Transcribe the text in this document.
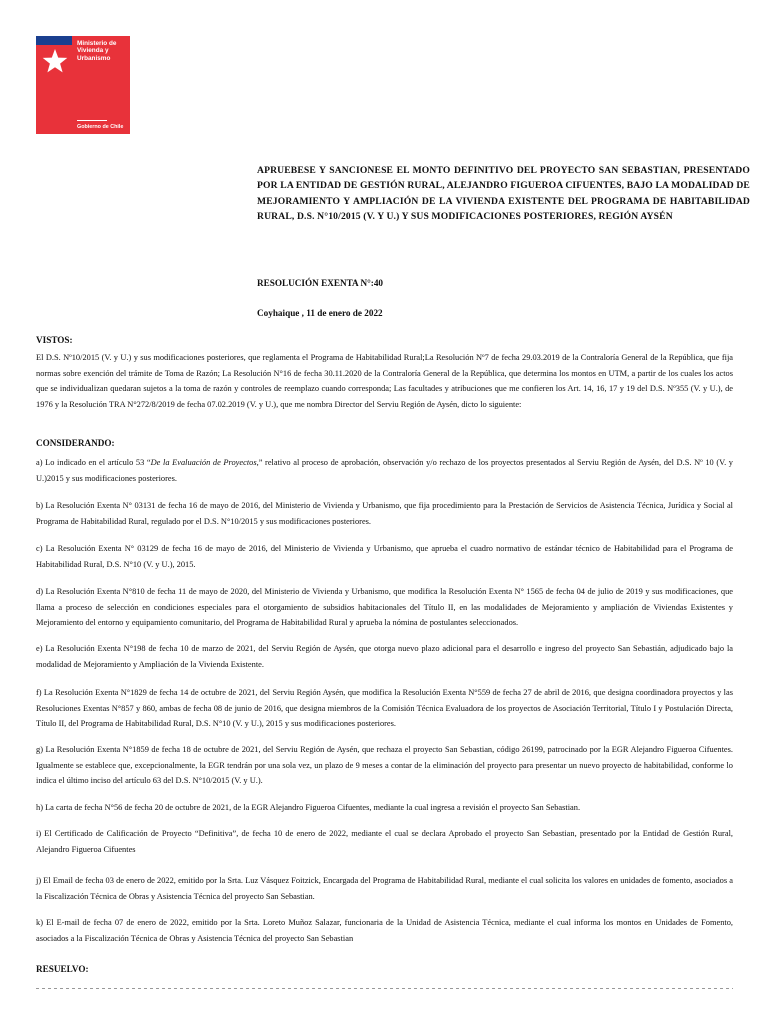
Ministerio de
Vivienda y
Urbanismo
Gobierno de Chile
APRUEBESE Y SANCIONESE EL MONTO DEFINITIVO DEL PROYECTO SAN SEBASTIAN, PRESENTADO POR LA ENTIDAD DE GESTIÓN RURAL, ALEJANDRO FIGUEROA CIFUENTES, BAJO LA MODALIDAD DE MEJORAMIENTO Y AMPLIACIÓN DE LA VIVIENDA EXISTENTE DEL PROGRAMA DE HABITABILIDAD RURAL, D.S. N°10/2015 (V. Y U.) Y SUS MODIFICACIONES POSTERIORES, REGIÓN AYSÉN
RESOLUCIÓN EXENTA N°:40
Coyhaique , 11 de enero de 2022
VISTOS:
El D.S. Nº10/2015 (V. y U.) y sus modificaciones posteriores, que reglamenta el Programa de Habitabilidad Rural;La Resolución Nº7 de fecha 29.03.2019 de la Contraloría General de la República, que fija normas sobre exención del trámite de Toma de Razón; La Resolución N°16 de fecha 30.11.2020 de la Contraloría General de la República, que determina los montos en UTM, a partir de los cuales los actos que se individualizan quedaran sujetos a la toma de razón y controles de reemplazo cuando corresponda; Las facultades y atribuciones que me confieren los Art. 14, 16, 17 y 19 del D.S. Nº355 (V. y U.), de 1976 y la Resolución TRA N°272/8/2019 de fecha 07.02.2019 (V. y U.), que me nombra Director del Serviu Región de Aysén, dicto lo siguiente:
CONSIDERANDO:
a) Lo indicado en el artículo 53 “De la Evaluación de Proyectos,” relativo al proceso de aprobación, observación y/o rechazo de los proyectos presentados al Serviu Región de Aysén, del D.S. Nº 10 (V. y U.)2015 y sus modificaciones posteriores.
b) La Resolución Exenta N° 03131 de fecha 16 de mayo de 2016, del Ministerio de Vivienda y Urbanismo, que fija procedimiento para la Prestación de Servicios de Asistencia Técnica, Jurídica y Social al Programa de Habitabilidad Rural, regulado por el D.S. N°10/2015 y sus modificaciones posteriores.
c) La Resolución Exenta N° 03129 de fecha 16 de mayo de 2016, del Ministerio de Vivienda y Urbanismo, que aprueba el cuadro normativo de estándar técnico de Habitabilidad para el Programa de Habitabilidad Rural, D.S. N°10 (V. y U.), 2015.
d) La Resolución Exenta N°810 de fecha 11 de mayo de 2020, del Ministerio de Vivienda y Urbanismo, que modifica la Resolución Exenta N° 1565 de fecha 04 de julio de 2019 y sus modificaciones, que llama a proceso de selección en condiciones especiales para el otorgamiento de subsidios habitacionales del Título II, en las modalidades de Mejoramiento y ampliación de Viviendas Existentes y Mejoramiento del entorno y equipamiento comunitario, del Programa de Habitabilidad Rural y aprueba la nómina de postulantes seleccionados.
e) La Resolución Exenta N°198 de fecha 10 de marzo de 2021, del Serviu Región de Aysén, que otorga nuevo plazo adicional para el desarrollo e ingreso del proyecto San Sebastián, adjudicado bajo la modalidad de Mejoramiento y Ampliación de la Vivienda Existente.
f) La Resolución Exenta N°1829 de fecha 14 de octubre de 2021, del Serviu Región Aysén, que modifica la Resolución Exenta N°559 de fecha 27 de abril de 2016, que designa coordinadora proyectos y las Resoluciones Exentas N°857 y 860, ambas de fecha 08 de junio de 2016, que designa miembros de la Comisión Técnica Evaluadora de los proyectos de Asociación Territorial, Título I y Postulación Directa, Título II, del Programa de Habitabilidad Rural, D.S. N°10 (V. y U.), 2015 y sus modificaciones posteriores.
g) La Resolución Exenta N°1859 de fecha 18 de octubre de 2021, del Serviu Región de Aysén, que rechaza el proyecto San Sebastian, código 26199, patrocinado por la EGR Alejandro Figueroa Cifuentes. Igualmente se establece que, excepcionalmente, la EGR tendrán por una sola vez, un plazo de 9 meses a contar de la eliminación del proyecto para presentar un nuevo proyecto de habitabilidad, conforme lo indica el último inciso del artículo 63 del D.S. N°10/2015 (V. y U.).
h) La carta de fecha N°56 de fecha 20 de octubre de 2021, de la EGR Alejandro Figueroa Cifuentes, mediante la cual ingresa a revisión el proyecto San Sebastian.
i) El Certificado de Calificación de Proyecto “Definitiva”, de fecha 10 de enero de 2022, mediante el cual se declara Aprobado el proyecto San Sebastian, presentado por la Entidad de Gestión Rural, Alejandro Figueroa Cifuentes
j) El Email de fecha 03 de enero de 2022, emitido por la Srta. Luz Vásquez Foitzick, Encargada del Programa de Habitabilidad Rural, mediante el cual solicita los valores en unidades de fomento, asociados a la Fiscalización Técnica de Obras y Asistencia Técnica del proyecto San Sebastian.
k) El E-mail de fecha 07 de enero de 2022, emitido por la Srta. Loreto Muñoz Salazar, funcionaria de la Unidad de Asistencia Técnica, mediante el cual informa los montos en Unidades de Fomento, asociados a la Fiscalización Técnica de Obras y Asistencia Técnica del proyecto San Sebastian
RESUELVO:
